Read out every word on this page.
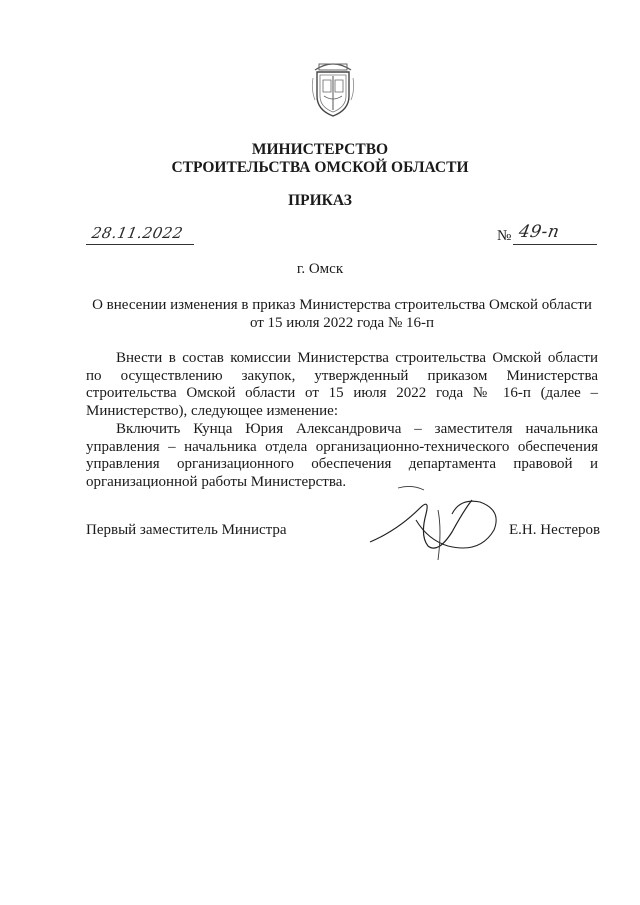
МИНИСТЕРСТВО
СТРОИТЕЛЬСТВА ОМСКОЙ ОБЛАСТИ
ПРИКАЗ
28.11.2022	№ 49-п
г. Омск
О внесении изменения в приказ Министерства строительства Омской области
от 15 июля 2022 года № 16-п

Внести в состав комиссии Министерства строительства Омской области по осуществлению закупок, утвержденный приказом Министерства строительства Омской области от 15 июля 2022 года № 16-п (далее – Министерство), следующее изменение:

Включить Кунца Юрия Александровича – заместителя начальника управления – начальника отдела организационно-технического обеспечения управления организационного обеспечения департамента правовой и организационной работы Министерства.

Первый заместитель Министра	Е.Н. Нестеров
